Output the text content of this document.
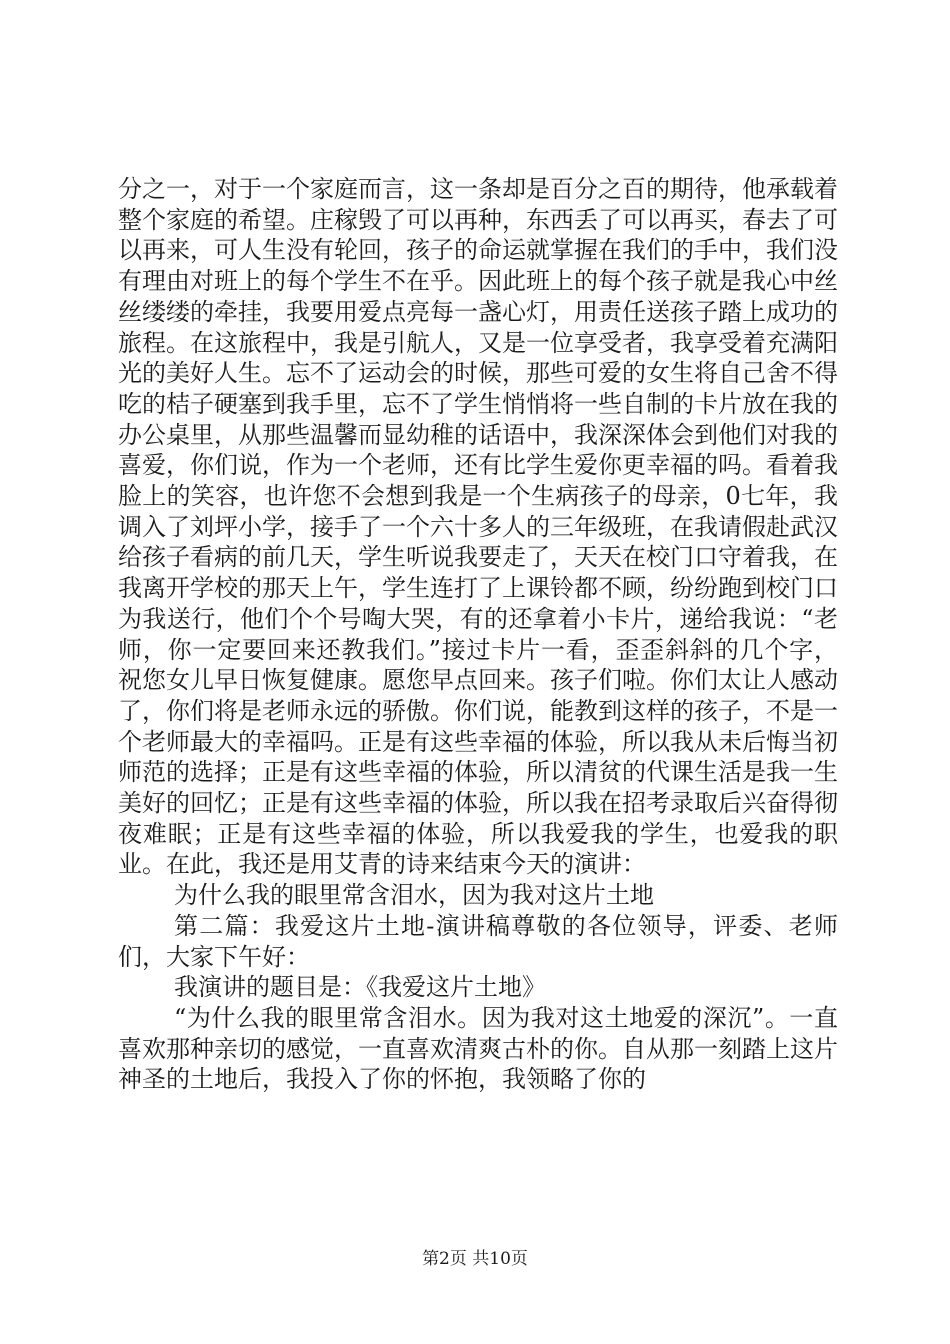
分之一，对于一个家庭而言，这一条却是百分之百的期待，他承载着整个家庭的希望。庄稼毁了可以再种，东西丢了可以再买，春去了可以再来，可人生没有轮回，孩子的命运就掌握在我们的手中，我们没有理由对班上的每个学生不在乎。因此班上的每个孩子就是我心中丝丝缕缕的牵挂，我要用爱点亮每一盏心灯，用责任送孩子踏上成功的旅程。在这旅程中，我是引航人，又是一位享受者，我享受着充满阳光的美好人生。忘不了运动会的时候，那些可爱的女生将自己舍不得吃的桔子硬塞到我手里，忘不了学生悄悄将一些自制的卡片放在我的办公桌里，从那些温馨而显幼稚的话语中，我深深体会到他们对我的喜爱，你们说，作为一个老师，还有比学生爱你更幸福的吗。看着我脸上的笑容，也许您不会想到我是一个生病孩子的母亲，0七年，我调入了刘坪小学，接手了一个六十多人的三年级班，在我请假赴武汉给孩子看病的前几天，学生听说我要走了，天天在校门口守着我，在我离开学校的那天上午，学生连打了上课铃都不顾，纷纷跑到校门口为我送行，他们个个号啕大哭，有的还拿着小卡片，递给我说：“老师，你一定要回来还教我们。”接过卡片一看，歪歪斜斜的几个字，祝您女儿早日恢复健康。愿您早点回来。孩子们啦。你们太让人感动了，你们将是老师永远的骄傲。你们说，能教到这样的孩子，不是一个老师最大的幸福吗。正是有这些幸福的体验，所以我从未后悔当初师范的选择；正是有这些幸福的体验，所以清贫的代课生活是我一生美好的回忆；正是有这些幸福的体验，所以我在招考录取后兴奋得彻夜难眠；正是有这些幸福的体验，所以我爱我的学生，也爱我的职业。在此，我还是用艾青的诗来结束今天的演讲：

为什么我的眼里常含泪水，因为我对这片土地

第二篇：我爱这片土地-演讲稿尊敬的各位领导，评委、老师们，大家下午好：

我演讲的题目是：《我爱这片土地》

“为什么我的眼里常含泪水。因为我对这土地爱的深沉”。一直喜欢那种亲切的感觉，一直喜欢清爽古朴的你。自从那一刻踏上这片神圣的土地后，我投入了你的怀抱，我领略了你的

第2页 共10页
